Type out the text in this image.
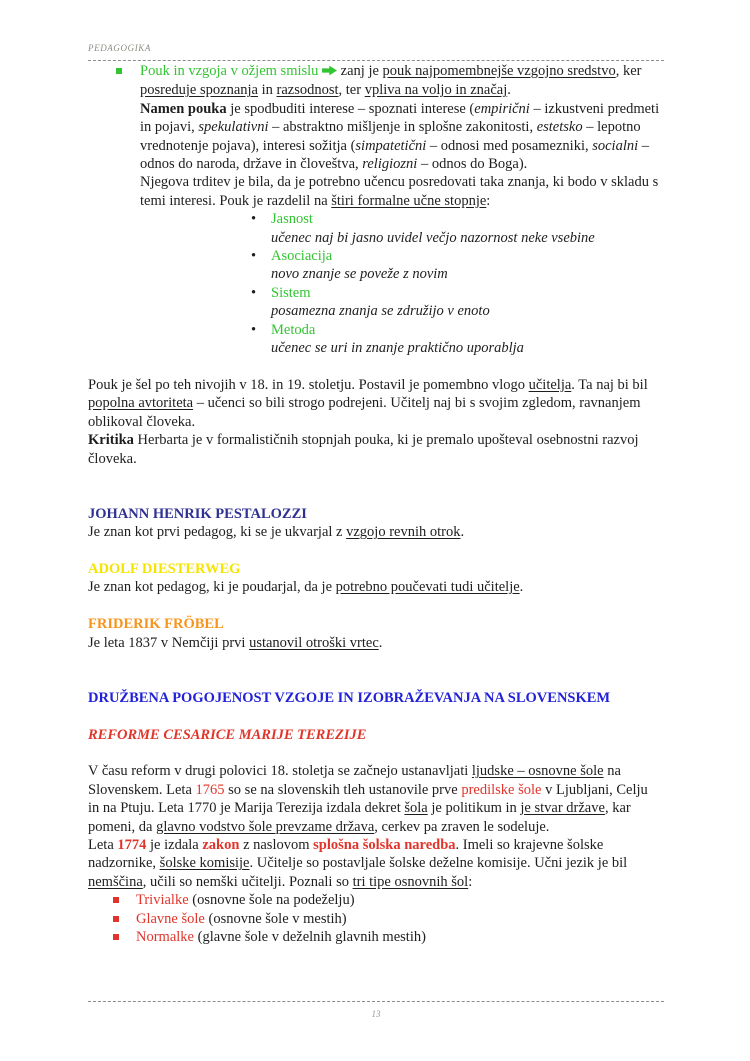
PEDAGOGIKA
Pouk in vzgoja v ožjem smislu  zanj je pouk najpomembnejše vzgojno sredstvo, ker posreduje spoznanja in razsodnost, ter vpliva na voljo in značaj.
Namen pouka je spodbuditi interese – spoznati interese (empirični – izkustveni predmeti in pojavi, spekulativni – abstraktno mišljenje in splošne zakonitosti, estetsko – lepotno vrednotenje pojava), interesi sožitja (simpatetični – odnosi med posamezniki, socialni – odnos do naroda, države in človeštva, religiozni – odnos do Boga).
Njegova trditev je bila, da je potrebno učencu posredovati taka znanja, ki bodo v skladu s temi interesi. Pouk je razdelil na štiri formalne učne stopnje:
• Jasnost
učenec naj bi jasno uvidel večjo nazornost neke vsebine
• Asociacija
novo znanje se poveže z novim
• Sistem
posamezna znanja se združijo v enoto
• Metoda
učenec se uri in znanje praktično uporablja
Pouk je šel po teh nivojih v 18. in 19. stoletju. Postavil je pomembno vlogo učitelja. Ta naj bi bil popolna avtoriteta – učenci so bili strogo podrejeni. Učitelj naj bi s svojim zgledom, ravnanjem oblikoval človeka.
Kritika Herbarta je v formalističnih stopnjah pouka, ki je premalo upošteval osebnostni razvoj človeka.
JOHANN HENRIK PESTALOZZI
Je znan kot prvi pedagog, ki se je ukvarjal z vzgojo revnih otrok.
ADOLF DIESTERWEG
Je znan kot pedagog, ki je poudarjal, da je potrebno poučevati tudi učitelje.
FRIDERIK FRÖBEL
Je leta 1837 v Nemčiji prvi ustanovil otroški vrtec.
DRUŽBENA POGOJENOST VZGOJE IN IZOBRAŽEVANJA NA SLOVENSKEM
REFORME CESARICE MARIJE TEREZIJE
V času reform v drugi polovici 18. stoletja se začnejo ustanavljati ljudske – osnovne šole na Slovenskem. Leta 1765 so se na slovenskih tleh ustanovile prve predilske šole v Ljubljani, Celju in na Ptuju. Leta 1770 je Marija Terezija izdala dekret šola je politikum in je stvar države, kar pomeni, da glavno vodstvo šole prevzame država, cerkev pa zraven le sodeluje.
Leta 1774 je izdala zakon z naslovom splošna šolska naredba. Imeli so krajevne šolske nadzornike, šolske komisije. Učitelje so postavljale šolske deželne komisije. Učni jezik je bil nemščina, učili so nemški učitelji. Poznali so tri tipe osnovnih šol:
Trivialke (osnovne šole na podeželju)
Glavne šole (osnovne šole v mestih)
Normalke (glavne šole v deželnih glavnih mestih)
13
